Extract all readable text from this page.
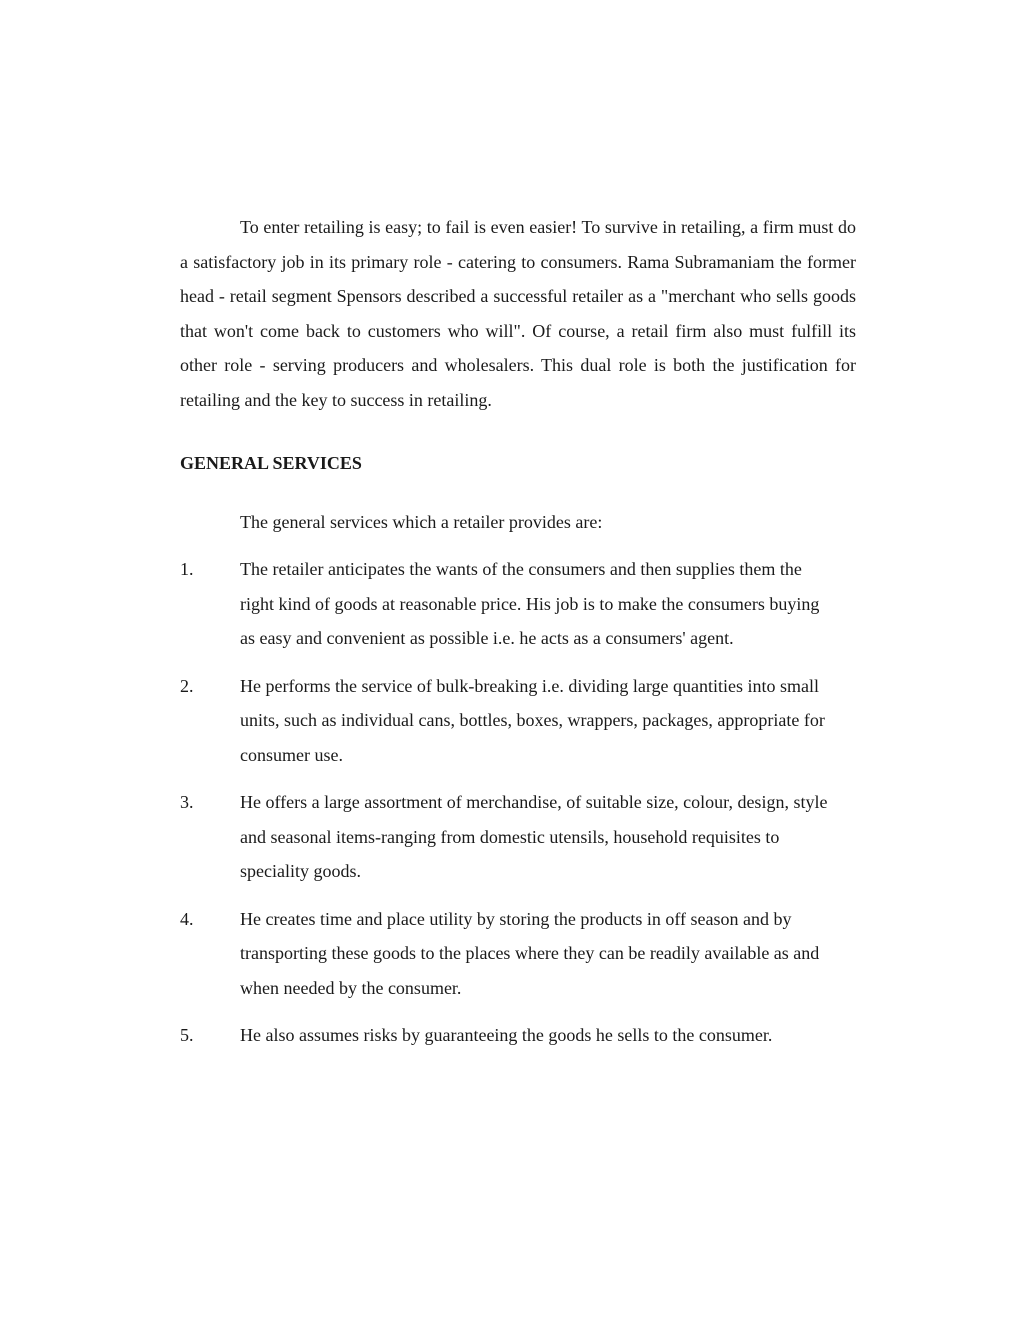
To enter retailing is easy; to fail is even easier! To survive in retailing, a firm must do a satisfactory job in its primary role - catering to consumers. Rama Subramaniam the former head - retail segment Spensors described a successful retailer as a "merchant who sells goods that won't come back to customers who will". Of course, a retail firm also must fulfill its other role - serving producers and wholesalers. This dual role is both the justification for retailing and the key to success in retailing.

GENERAL SERVICES

The general services which a retailer provides are:

1.	The retailer anticipates the wants of the consumers and then supplies them the right kind of goods at reasonable price. His job is to make the consumers buying as easy and convenient as possible i.e. he acts as a consumers' agent.
2.	He performs the service of bulk-breaking i.e. dividing large quantities into small units, such as individual cans, bottles, boxes, wrappers, packages, appropriate for consumer use.
3.	He offers a large assortment of merchandise, of suitable size, colour, design, style and seasonal items-ranging from domestic utensils, household requisites to speciality goods.
4.	He creates time and place utility by storing the products in off season and by transporting these goods to the places where they can be readily available as and when needed by the consumer.
5.	He also assumes risks by guaranteeing the goods he sells to the consumer.
